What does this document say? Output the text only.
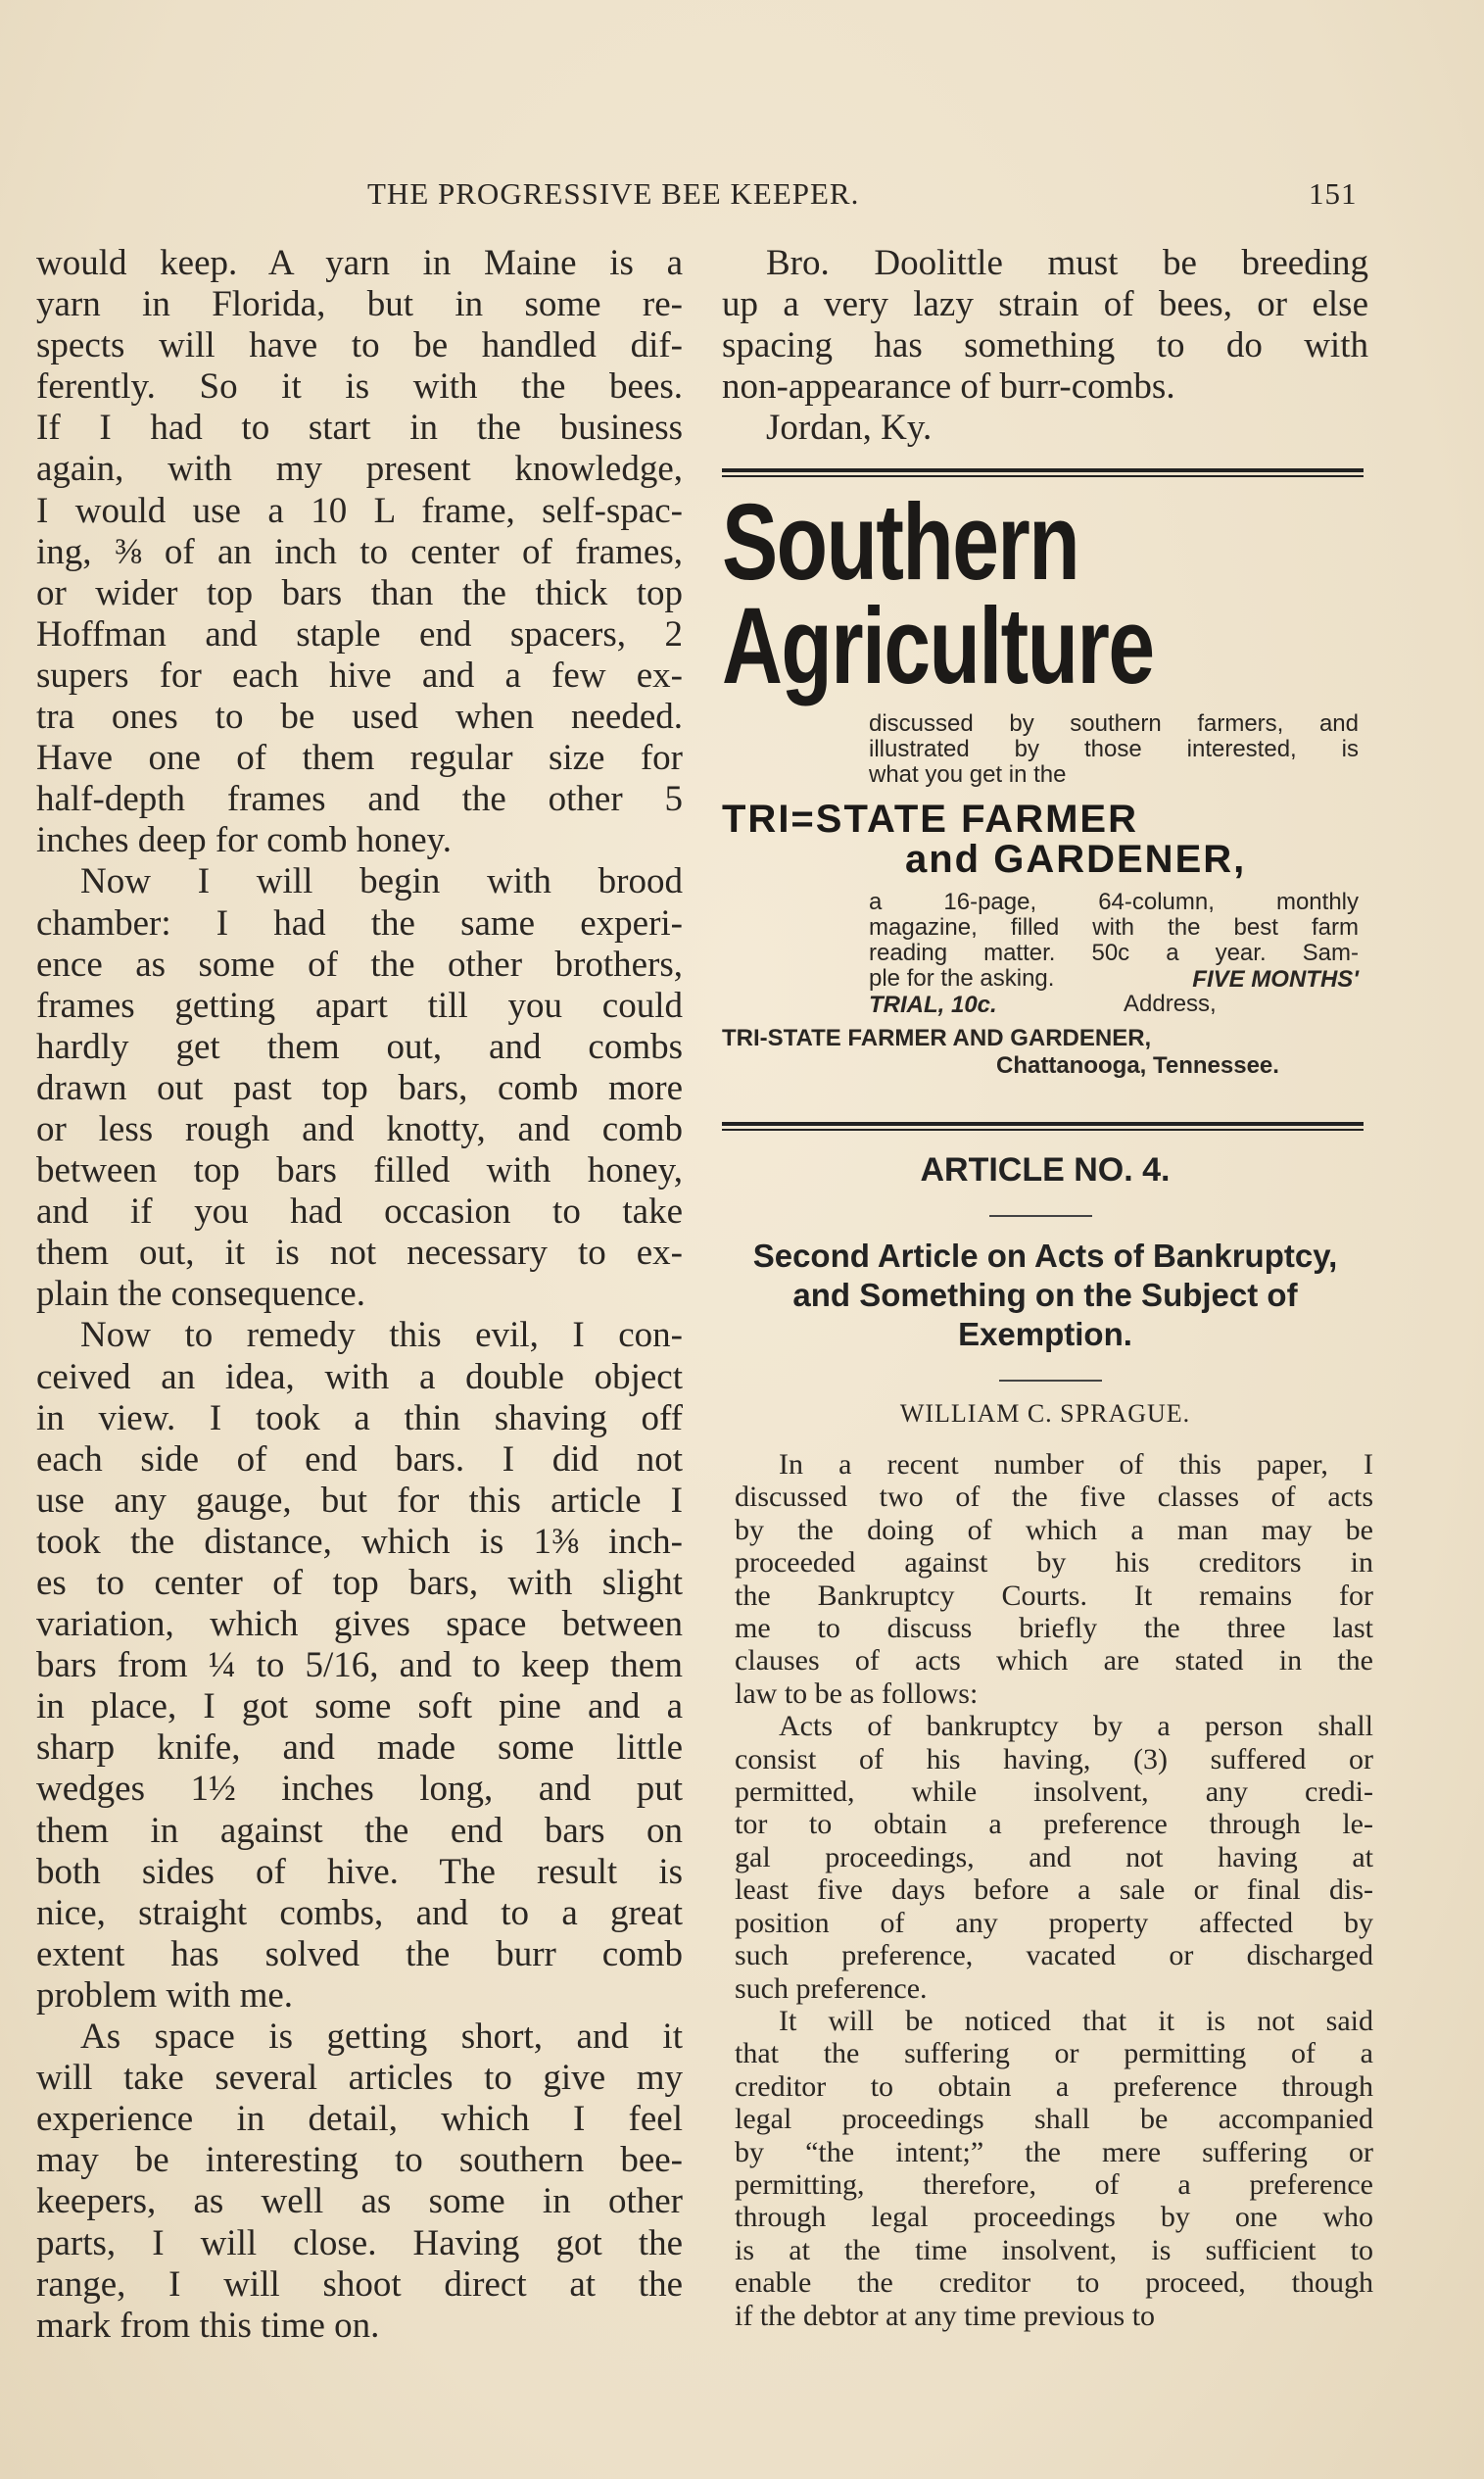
THE PROGRESSIVE BEE KEEPER.	151

would keep. A yarn in Maine is a
yarn in Florida, but in some re-
spects will have to be handled dif-
ferently. So it is with the bees.
If I had to start in the business
again, with my present knowledge,
I would use a 10 L frame, self-spac-
ing, ⅜ of an inch to center of frames,
or wider top bars than the thick top
Hoffman and staple end spacers, 2
supers for each hive and a few ex-
tra ones to be used when needed.
Have one of them regular size for
half-depth frames and the other 5
inches deep for comb honey.

Now I will begin with brood
chamber: I had the same experi-
ence as some of the other brothers,
frames getting apart till you could
hardly get them out, and combs
drawn out past top bars, comb more
or less rough and knotty, and comb
between top bars filled with honey,
and if you had occasion to take
them out, it is not necessary to ex-
plain the consequence.

Now to remedy this evil, I con-
ceived an idea, with a double object
in view. I took a thin shaving off
each side of end bars. I did not
use any gauge, but for this article I
took the distance, which is 1⅜ inch-
es to center of top bars, with slight
variation, which gives space between
bars from ¼ to 5/16, and to keep them
in place, I got some soft pine and a
sharp knife, and made some little
wedges 1½ inches long, and put
them in against the end bars on
both sides of hive. The result is
nice, straight combs, and to a great
extent has solved the burr comb
problem with me.

As space is getting short, and it
will take several articles to give my
experience in detail, which I feel
may be interesting to southern bee-
keepers, as well as some in other
parts, I will close. Having got the
range, I will shoot direct at the
mark from this time on.

Bro. Doolittle must be breeding
up a very lazy strain of bees, or else
spacing has something to do with
non-appearance of burr-combs.
Jordan, Ky.

Southern

Agriculture

discussed by southern farmers, and
illustrated by those interested, is
what you get in the

TRI=STATE FARMER

and GARDENER,

a 16-page, 64-column, monthly
magazine, filled with the best farm
reading matter. 50c a year. Sam-
ple for the asking.	FIVE MONTHS'
TRIAL, 10c.	Address,

TRI-STATE FARMER AND GARDENER,

Chattanooga, Tennessee.

ARTICLE NO. 4.
Second Article on Acts of Bankruptcy,
and Something on the Subject of
Exemption.
WILLIAM C. SPRAGUE.

In a recent number of this paper, I
discussed two of the five classes of acts
by the doing of which a man may be
proceeded against by his creditors in
the Bankruptcy Courts. It remains for
me to discuss briefly the three last
clauses of acts which are stated in the
law to be as follows:

Acts of bankruptcy by a person shall
consist of his having, (3) suffered or
permitted, while insolvent, any credi-
tor to obtain a preference through le-
gal proceedings, and not having at
least five days before a sale or final dis-
position of any property affected by
such preference, vacated or discharged
such preference.

It will be noticed that it is not said
that the suffering or permitting of a
creditor to obtain a preference through
legal proceedings shall be accompanied
by “the intent;” the mere suffering or
permitting, therefore, of a preference
through legal proceedings by one who
is at the time insolvent, is sufficient to
enable the creditor to proceed, though
if the debtor at any time previous to
